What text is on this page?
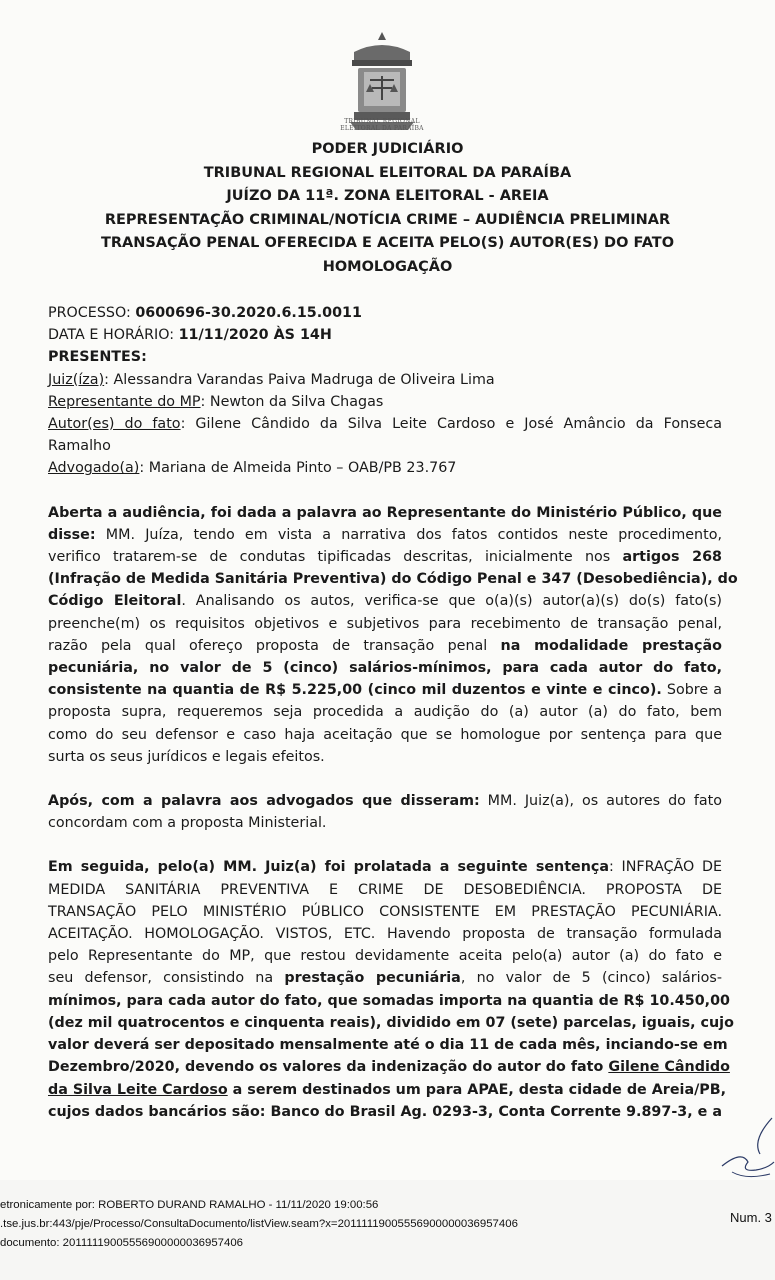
TRIBUNAL REGIONAL ELEITORAL DA PARAÍBA
PODER JUDICIÁRIO
TRIBUNAL REGIONAL ELEITORAL DA PARAÍBA
JUÍZO DA 11ª. ZONA ELEITORAL - AREIA
REPRESENTAÇÃO CRIMINAL/NOTÍCIA CRIME – AUDIÊNCIA PRELIMINAR
TRANSAÇÃO PENAL OFERECIDA E ACEITA PELO(S) AUTOR(ES) DO FATO
HOMOLOGAÇÃO
PROCESSO: 0600696-30.2020.6.15.0011
DATA E HORÁRIO: 11/11/2020 ÀS 14H
PRESENTES:
Juiz(íza): Alessandra Varandas Paiva Madruga de Oliveira Lima
Representante do MP: Newton da Silva Chagas
Autor(es) do fato: Gilene Cândido da Silva Leite Cardoso e José Amâncio da Fonseca
Ramalho
Advogado(a): Mariana de Almeida Pinto – OAB/PB 23.767
Aberta a audiência, foi dada a palavra ao Representante do Ministério Público, que
disse: MM. Juíza, tendo em vista a narrativa dos fatos contidos neste procedimento,
verifico tratarem-se de condutas tipificadas descritas, inicialmente nos artigos 268
(Infração de Medida Sanitária Preventiva) do Código Penal e 347 (Desobediência), do
Código Eleitoral. Analisando os autos, verifica-se que o(a)(s) autor(a)(s) do(s) fato(s)
preenche(m) os requisitos objetivos e subjetivos para recebimento de transação penal,
razão pela qual ofereço proposta de transação penal na modalidade prestação
pecuniária, no valor de 5 (cinco) salários-mínimos, para cada autor do fato,
consistente na quantia de R$ 5.225,00 (cinco mil duzentos e vinte e cinco). Sobre a
proposta supra, requeremos seja procedida a audição do (a) autor (a) do fato, bem
como do seu defensor e caso haja aceitação que se homologue por sentença para que
surta os seus jurídicos e legais efeitos.
Após, com a palavra aos advogados que disseram: MM. Juiz(a), os autores do fato
concordam com a proposta Ministerial.
Em seguida, pelo(a) MM. Juiz(a) foi prolatada a seguinte sentença: INFRAÇÃO DE
MEDIDA SANITÁRIA PREVENTIVA E CRIME DE DESOBEDIÊNCIA. PROPOSTA DE
TRANSAÇÃO PELO MINISTÉRIO PÚBLICO CONSISTENTE EM PRESTAÇÃO PECUNIÁRIA.
ACEITAÇÃO. HOMOLOGAÇÃO. VISTOS, ETC. Havendo proposta de transação formulada
pelo Representante do MP, que restou devidamente aceita pelo(a) autor (a) do fato e
seu defensor, consistindo na prestação pecuniária, no valor de 5 (cinco) salários-
mínimos, para cada autor do fato, que somadas importa na quantia de R$ 10.450,00
(dez mil quatrocentos e cinquenta reais), dividido em 07 (sete) parcelas, iguais, cujo
valor deverá ser depositado mensalmente até o dia 11 de cada mês, inciando-se em
Dezembro/2020, devendo os valores da indenização do autor do fato Gilene Cândido
da Silva Leite Cardoso a serem destinados um para APAE, desta cidade de Areia/PB,
cujos dados bancários são: Banco do Brasil Ag. 0293-3, Conta Corrente 9.897-3, e a
etronicamente por: ROBERTO DURAND RAMALHO - 11/11/2020 19:00:56
.tse.jus.br:443/pje/Processo/ConsultaDocumento/listView.seam?x=20111119005556900000036957406
documento: 20111119005556900000036957406
Num. 3
